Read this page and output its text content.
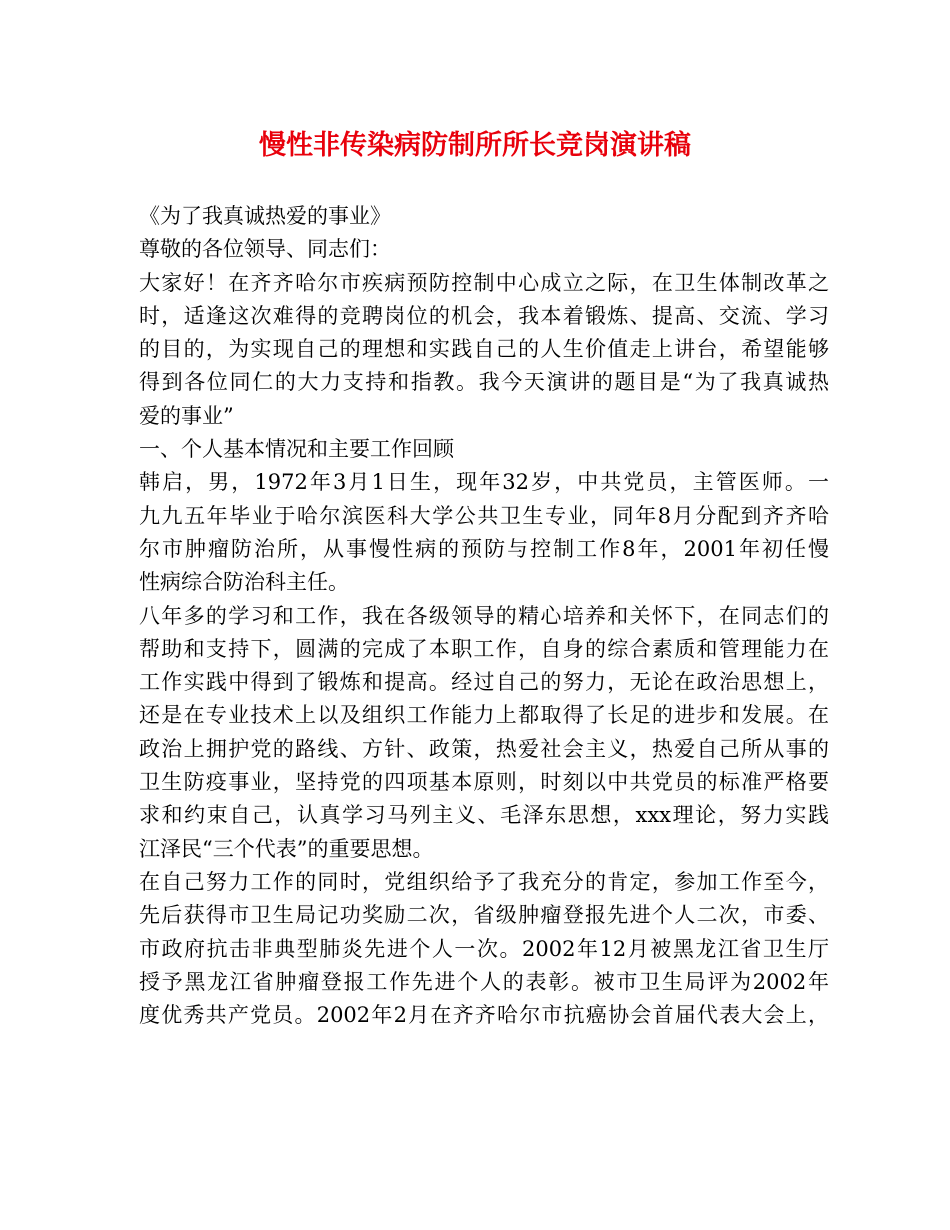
慢性非传染病防制所所长竞岗演讲稿
《为了我真诚热爱的事业》
尊敬的各位领导、同志们：
大家好！在齐齐哈尔市疾病预防控制中心成立之际，在卫生体制改革之
时，适逢这次难得的竞聘岗位的机会，我本着锻炼、提高、交流、学习
的目的，为实现自己的理想和实践自己的人生价值走上讲台，希望能够
得到各位同仁的大力支持和指教。我今天演讲的题目是“为了我真诚热
爱的事业”
一、个人基本情况和主要工作回顾
韩启，男，1972年3月1日生，现年32岁，中共党员，主管医师。一
九九五年毕业于哈尔滨医科大学公共卫生专业，同年8月分配到齐齐哈
尔市肿瘤防治所，从事慢性病的预防与控制工作8年，2001年初任慢
性病综合防治科主任。
八年多的学习和工作，我在各级领导的精心培养和关怀下，在同志们的
帮助和支持下，圆满的完成了本职工作，自身的综合素质和管理能力在
工作实践中得到了锻炼和提高。经过自己的努力，无论在政治思想上，
还是在专业技术上以及组织工作能力上都取得了长足的进步和发展。在
政治上拥护党的路线、方针、政策，热爱社会主义，热爱自己所从事的
卫生防疫事业，坚持党的四项基本原则，时刻以中共党员的标准严格要
求和约束自己，认真学习马列主义、毛泽东思想，xxx理论，努力实践
江泽民“三个代表”的重要思想。
在自己努力工作的同时，党组织给予了我充分的肯定，参加工作至今，
先后获得市卫生局记功奖励二次，省级肿瘤登报先进个人二次，市委、
市政府抗击非典型肺炎先进个人一次。2002年12月被黑龙江省卫生厅
授予黑龙江省肿瘤登报工作先进个人的表彰。被市卫生局评为2002年
度优秀共产党员。2002年2月在齐齐哈尔市抗癌协会首届代表大会上，
